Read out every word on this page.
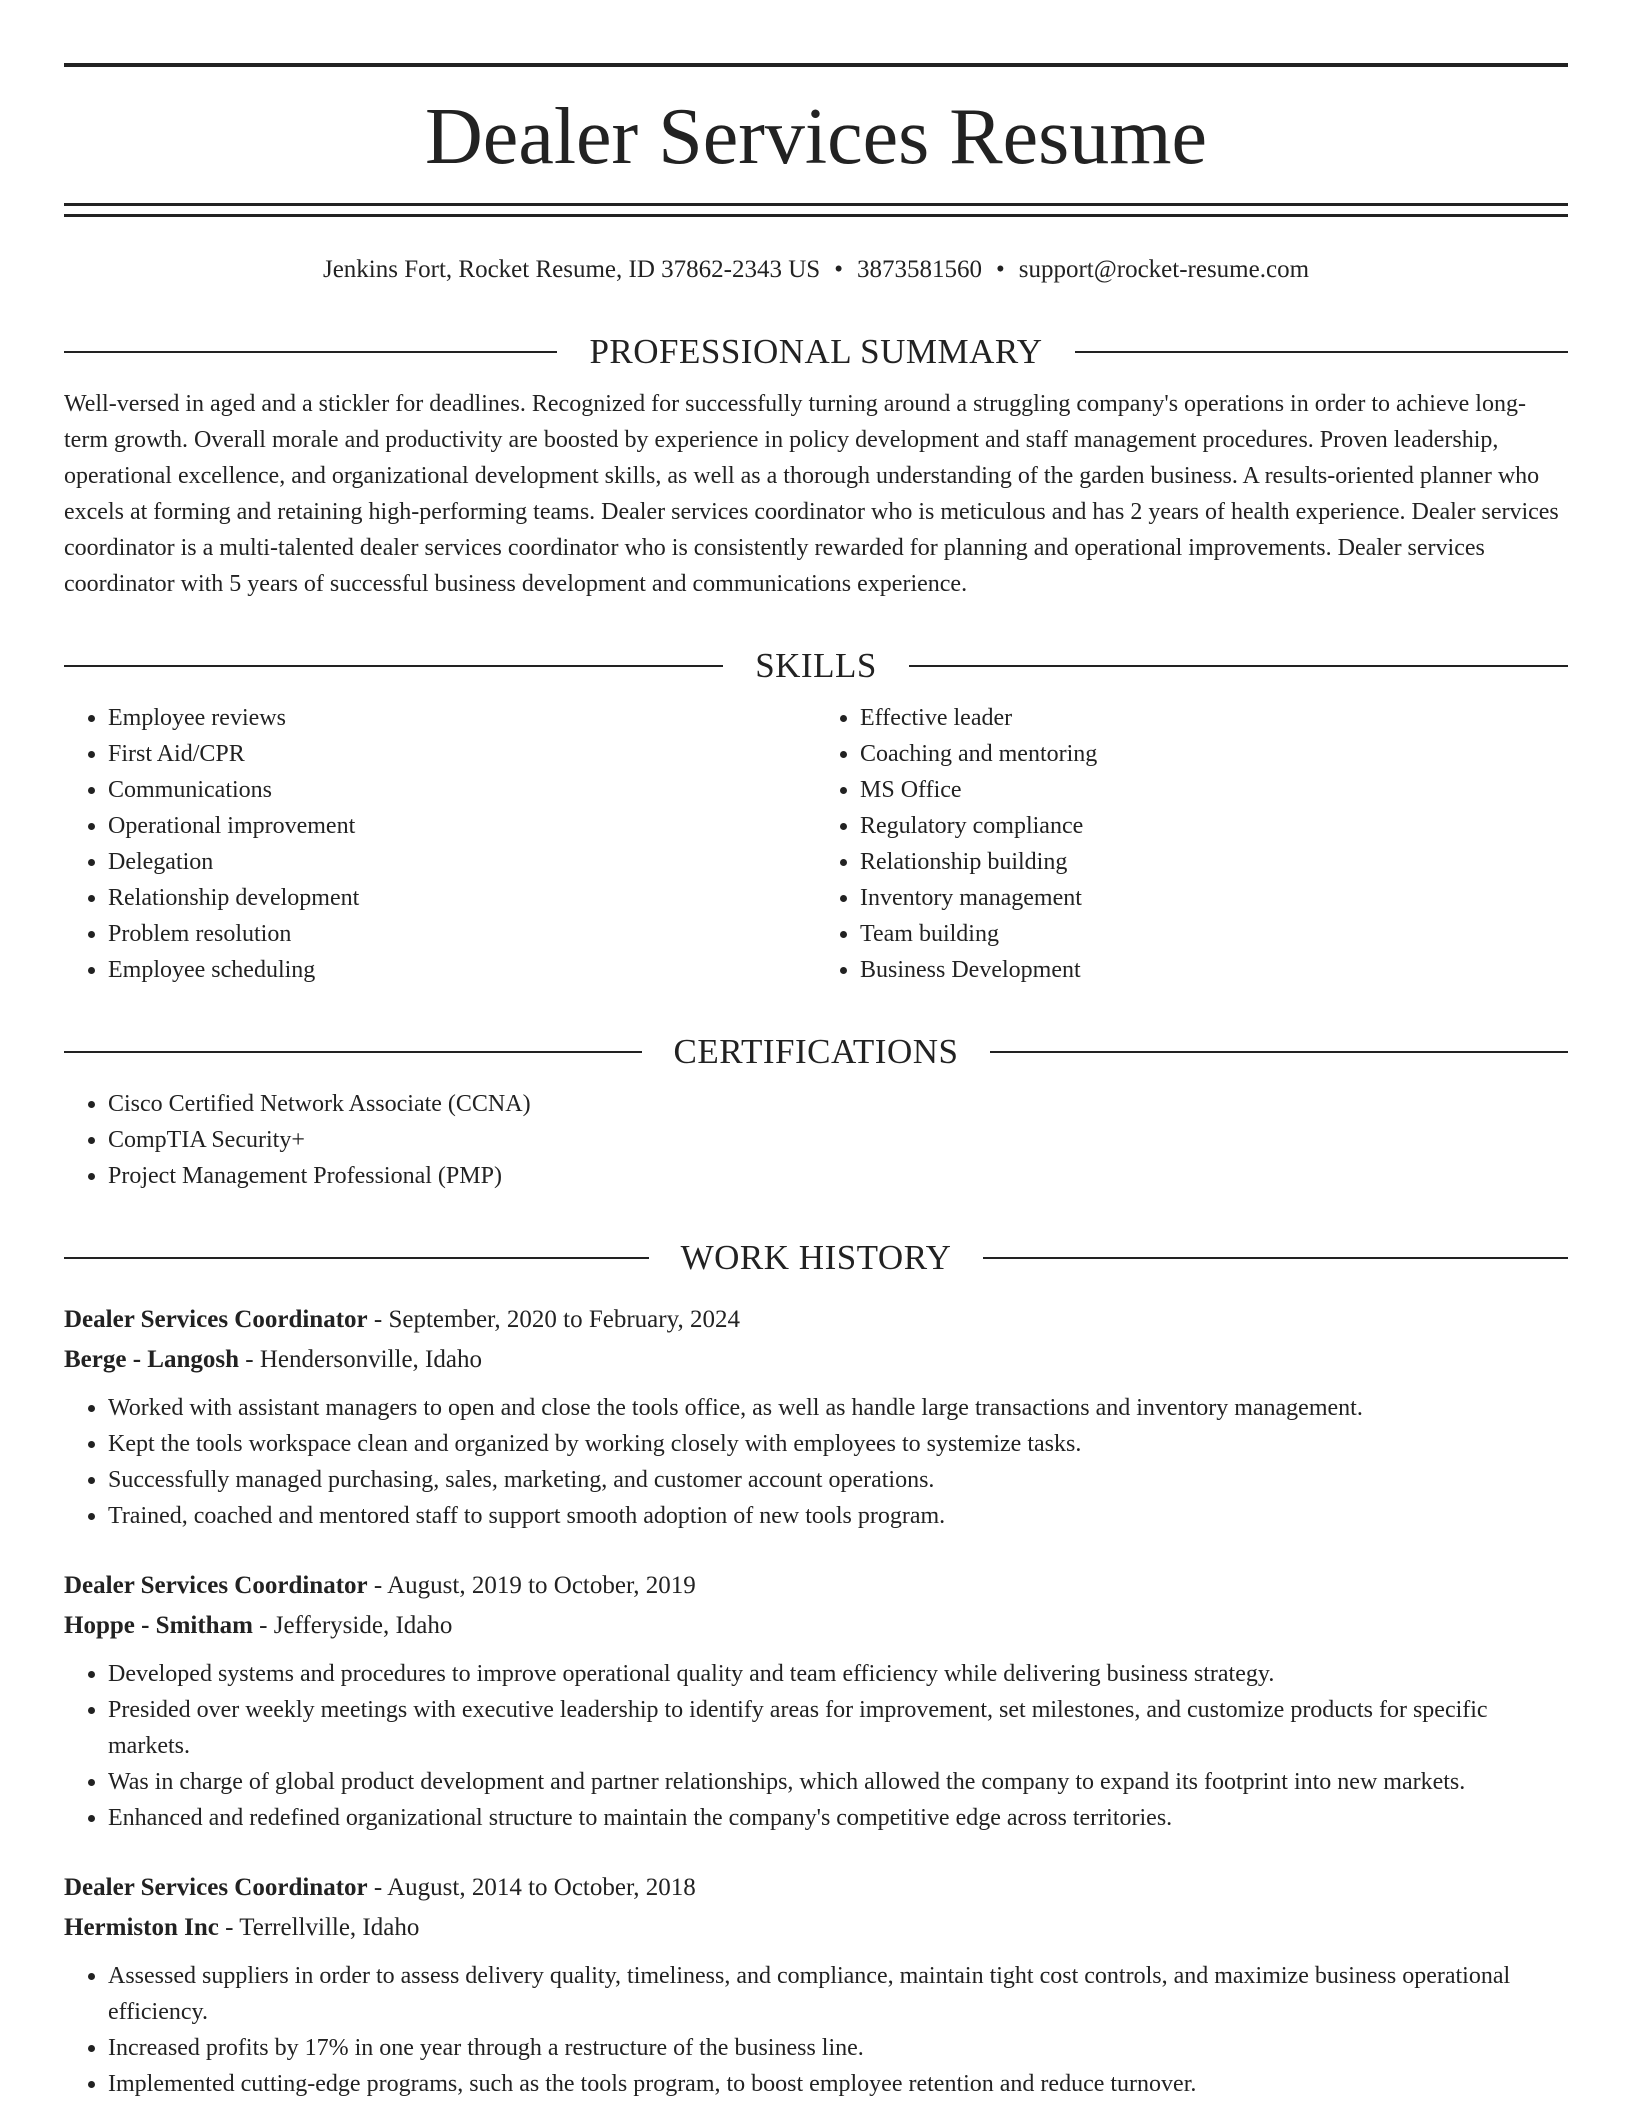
Dealer Services Resume
Jenkins Fort, Rocket Resume, ID 37862-2343 US • 3873581560 • support@rocket-resume.com
PROFESSIONAL SUMMARY

Well-versed in aged and a stickler for deadlines. Recognized for successfully turning around a struggling company's operations in order to achieve long-term growth. Overall morale and productivity are boosted by experience in policy development and staff management procedures. Proven leadership, operational excellence, and organizational development skills, as well as a thorough understanding of the garden business. A results-oriented planner who excels at forming and retaining high-performing teams. Dealer services coordinator who is meticulous and has 2 years of health experience. Dealer services coordinator is a multi-talented dealer services coordinator who is consistently rewarded for planning and operational improvements. Dealer services coordinator with 5 years of successful business development and communications experience.

SKILLS
• Employee reviews
• First Aid/CPR
• Communications
• Operational improvement
• Delegation
• Relationship development
• Problem resolution
• Employee scheduling
• Effective leader
• Coaching and mentoring
• MS Office
• Regulatory compliance
• Relationship building
• Inventory management
• Team building
• Business Development
CERTIFICATIONS
• Cisco Certified Network Associate (CCNA)
• CompTIA Security+
• Project Management Professional (PMP)
WORK HISTORY
Dealer Services Coordinator - September, 2020 to February, 2024
Berge - Langosh - Hendersonville, Idaho
• Worked with assistant managers to open and close the tools office, as well as handle large transactions and inventory management.
• Kept the tools workspace clean and organized by working closely with employees to systemize tasks.
• Successfully managed purchasing, sales, marketing, and customer account operations.
• Trained, coached and mentored staff to support smooth adoption of new tools program.
Dealer Services Coordinator - August, 2019 to October, 2019
Hoppe - Smitham - Jefferyside, Idaho
• Developed systems and procedures to improve operational quality and team efficiency while delivering business strategy.
• Presided over weekly meetings with executive leadership to identify areas for improvement, set milestones, and customize products for specific markets.
• Was in charge of global product development and partner relationships, which allowed the company to expand its footprint into new markets.
• Enhanced and redefined organizational structure to maintain the company's competitive edge across territories.
Dealer Services Coordinator - August, 2014 to October, 2018
Hermiston Inc - Terrellville, Idaho
• Assessed suppliers in order to assess delivery quality, timeliness, and compliance, maintain tight cost controls, and maximize business operational efficiency.
• Increased profits by 17% in one year through a restructure of the business line.
• Implemented cutting-edge programs, such as the tools program, to boost employee retention and reduce turnover.
